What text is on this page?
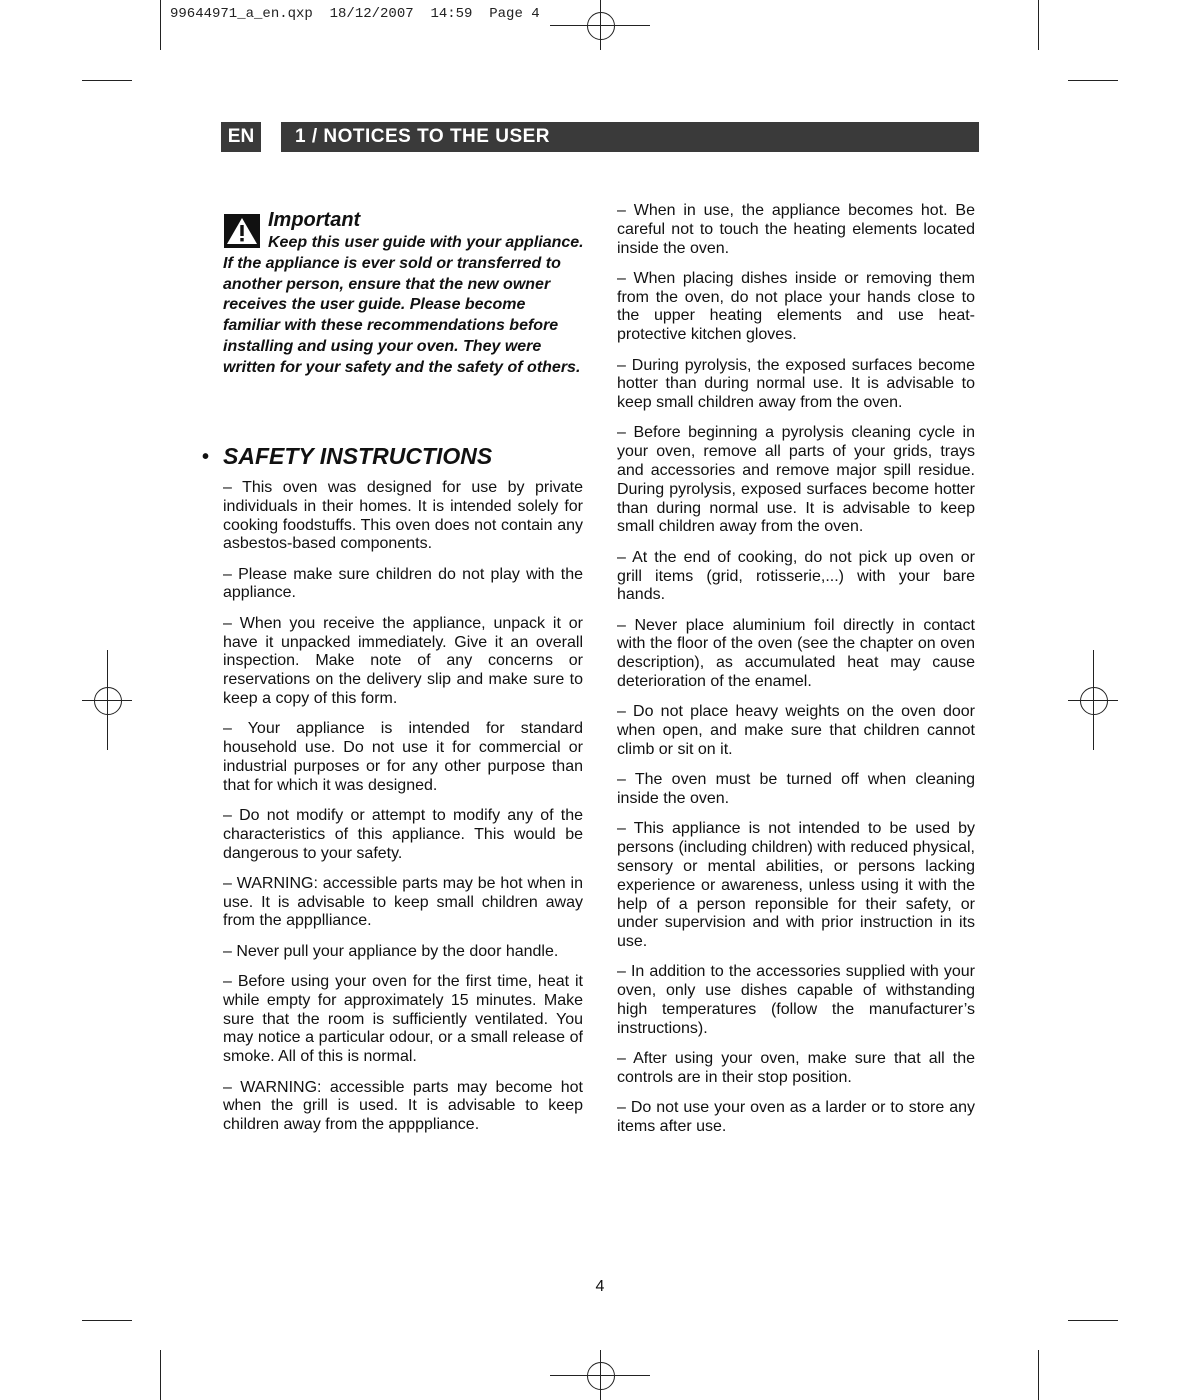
99644971_a_en.qxp  18/12/2007  14:59  Page 4
EN	1 / NOTICES TO THE USER
Important
Keep this user guide with your appliance. If the appliance is ever sold or transferred to another person, ensure that the new owner receives the user guide. Please become familiar with these recommendations before installing and using your oven. They were written for your safety and the safety of others.
• SAFETY INSTRUCTIONS

– This oven was designed for use by private individuals in their homes. It is intended solely for cooking foodstuffs. This oven does not contain any asbestos-based components.

– Please make sure children do not play with the appliance.

– When you receive the appliance, unpack it or have it unpacked immediately. Give it an overall inspection. Make note of any concerns or reservations on the delivery slip and make sure to keep a copy of this form.

– Your appliance is intended for standard household use. Do not use it for commercial or industrial purposes or for any other purpose than that for which it was designed.

– Do not modify or attempt to modify any of the characteristics of this appliance. This would be dangerous to your safety.

– WARNING: accessible parts may be hot when in use. It is advisable to keep small children away from the appplliance.

– Never pull your appliance by the door handle.

– Before using your oven for the first time, heat it while empty for approximately 15 minutes. Make sure that the room is sufficiently ventilated. You may notice a particular odour, or a small release of smoke. All of this is normal.

– WARNING: accessible parts may become hot when the grill is used. It is advisable to keep children away from the appppliance.

– When in use, the appliance becomes hot. Be careful not to touch the heating elements located inside the oven.

– When placing dishes inside or removing them from the oven, do not place your hands close to the upper heating elements and use heat-protective kitchen gloves.

– During pyrolysis, the exposed surfaces become hotter than during normal use. It is advisable to keep small children away from the oven.

– Before beginning a pyrolysis cleaning cycle in your oven, remove all parts of your grids, trays and accessories and remove major spill residue. During pyrolysis, exposed surfaces become hotter than during normal use. It is advisable to keep small children away from the oven.

– At the end of cooking, do not pick up oven or grill items (grid, rotisserie,...) with your bare hands.

– Never place aluminium foil directly in contact with the floor of the oven (see the chapter on oven description), as accumulated heat may cause deterioration of the enamel.

– Do not place heavy weights on the oven door when open, and make sure that children cannot climb or sit on it.

– The oven must be turned off when cleaning inside the oven.

– This appliance is not intended to be used by persons (including children) with reduced physical, sensory or mental abilities, or persons lacking experience or awareness, unless using it with the help of a person reponsible for their safety, or under supervision and with prior instruction in its use.

– In addition to the accessories supplied with your oven, only use dishes capable of withstanding high temperatures (follow the manufacturer’s instructions).

– After using your oven, make sure that all the controls are in their stop position.

– Do not use your oven as a larder or to store any items after use.

4
